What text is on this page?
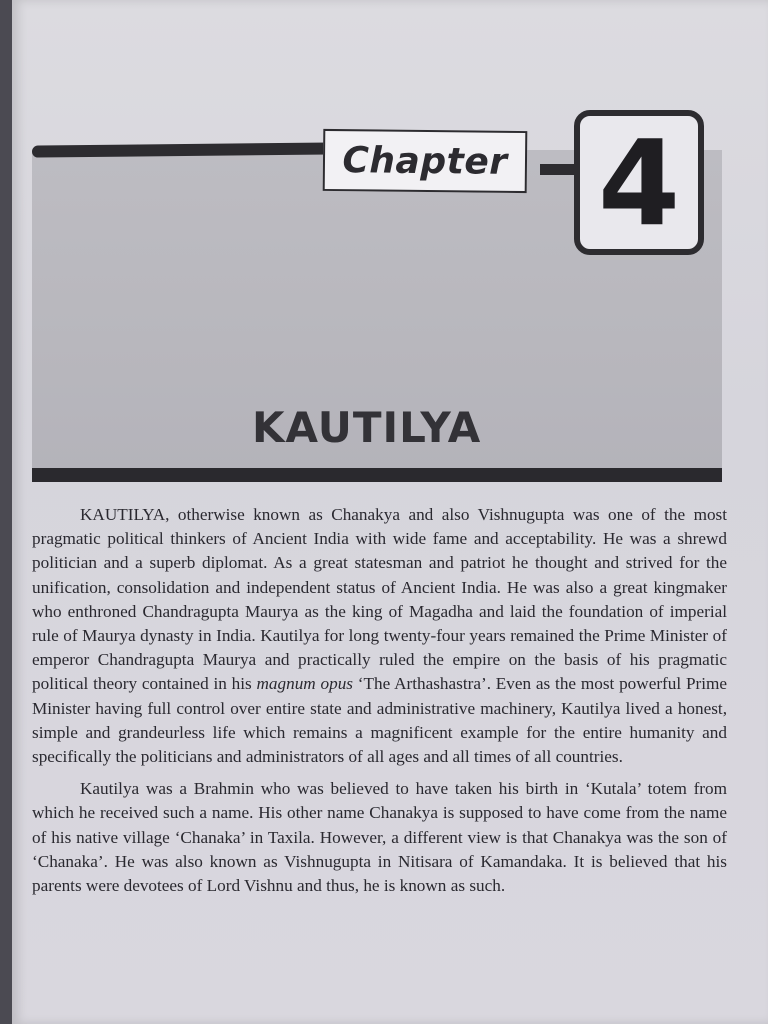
Chapter 4
KAUTILYA

KAUTILYA, otherwise known as Chanakya and also Vishnugupta was one of the most pragmatic political thinkers of Ancient India with wide fame and acceptability. He was a shrewd politician and a superb diplomat. As a great statesman and patriot he thought and strived for the unification, consolidation and independent status of Ancient India. He was also a great kingmaker who enthroned Chandragupta Maurya as the king of Magadha and laid the foundation of imperial rule of Maurya dynasty in India. Kautilya for long twenty-four years remained the Prime Minister of emperor Chandragupta Maurya and practically ruled the empire on the basis of his pragmatic political theory contained in his magnum opus ‘The Arthashastra’. Even as the most powerful Prime Minister having full control over entire state and administrative machinery, Kautilya lived a honest, simple and grandeurless life which remains a magnificent example for the entire humanity and specifically the politicians and administrators of all ages and all times of all countries.

Kautilya was a Brahmin who was believed to have taken his birth in ‘Kutala’ totem from which he received such a name. His other name Chanakya is supposed to have come from the name of his native village ‘Chanaka’ in Taxila. However, a different view is that Chanakya was the son of ‘Chanaka’. He was also known as Vishnugupta in Nitisara of Kamandaka. It is believed that his parents were devotees of Lord Vishnu and thus, he is known as such.
